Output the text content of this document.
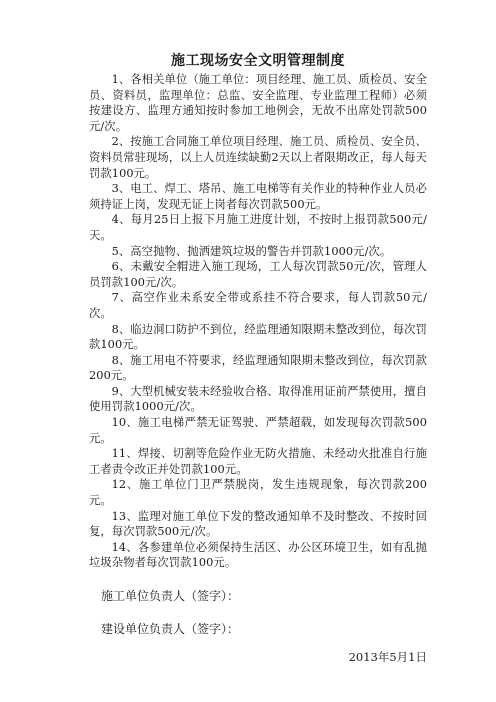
施工现场安全文明管理制度

1、各相关单位（施工单位：项目经理、施工员、质检员、安全员、资料员，监理单位：总监、安全监理、专业监理工程师）必须按建设方、监理方通知按时参加工地例会，无故不出席处罚款500元/次。

2、按施工合同施工单位项目经理、施工员、质检员、安全员、资料员常驻现场，以上人员连续缺勤2天以上者限期改正，每人每天罚款100元。

3、电工、焊工、塔吊、施工电梯等有关作业的特种作业人员必须持证上岗，发现无证上岗者每次罚款500元。

4、每月25日上报下月施工进度计划，不按时上报罚款500元/天。

5、高空抛物、抛洒建筑垃圾的警告并罚款1000元/次。

6、未戴安全帽进入施工现场，工人每次罚款50元/次，管理人员罚款100元/次。

7、高空作业未系安全带或系挂不符合要求，每人罚款50元/次。

8、临边洞口防护不到位，经监理通知限期未整改到位，每次罚款100元。

8、施工用电不符要求，经监理通知限期未整改到位，每次罚款200元。

9、大型机械安装未经验收合格、取得准用证前严禁使用，擅自使用罚款1000元/次。

10、施工电梯严禁无证驾驶、严禁超载，如发现每次罚款500元。

11、焊接、切割等危险作业无防火措施、未经动火批准自行施工者责令改正并处罚款100元。

12、施工单位门卫严禁脱岗，发生违规现象，每次罚款200元。

13、监理对施工单位下发的整改通知单不及时整改、不按时回复，每次罚款500元/次。

14、各参建单位必须保持生活区、办公区环境卫生，如有乱抛垃圾杂物者每次罚款100元。

施工单位负责人（签字）：

建设单位负责人（签字）：

2013年5月1日
